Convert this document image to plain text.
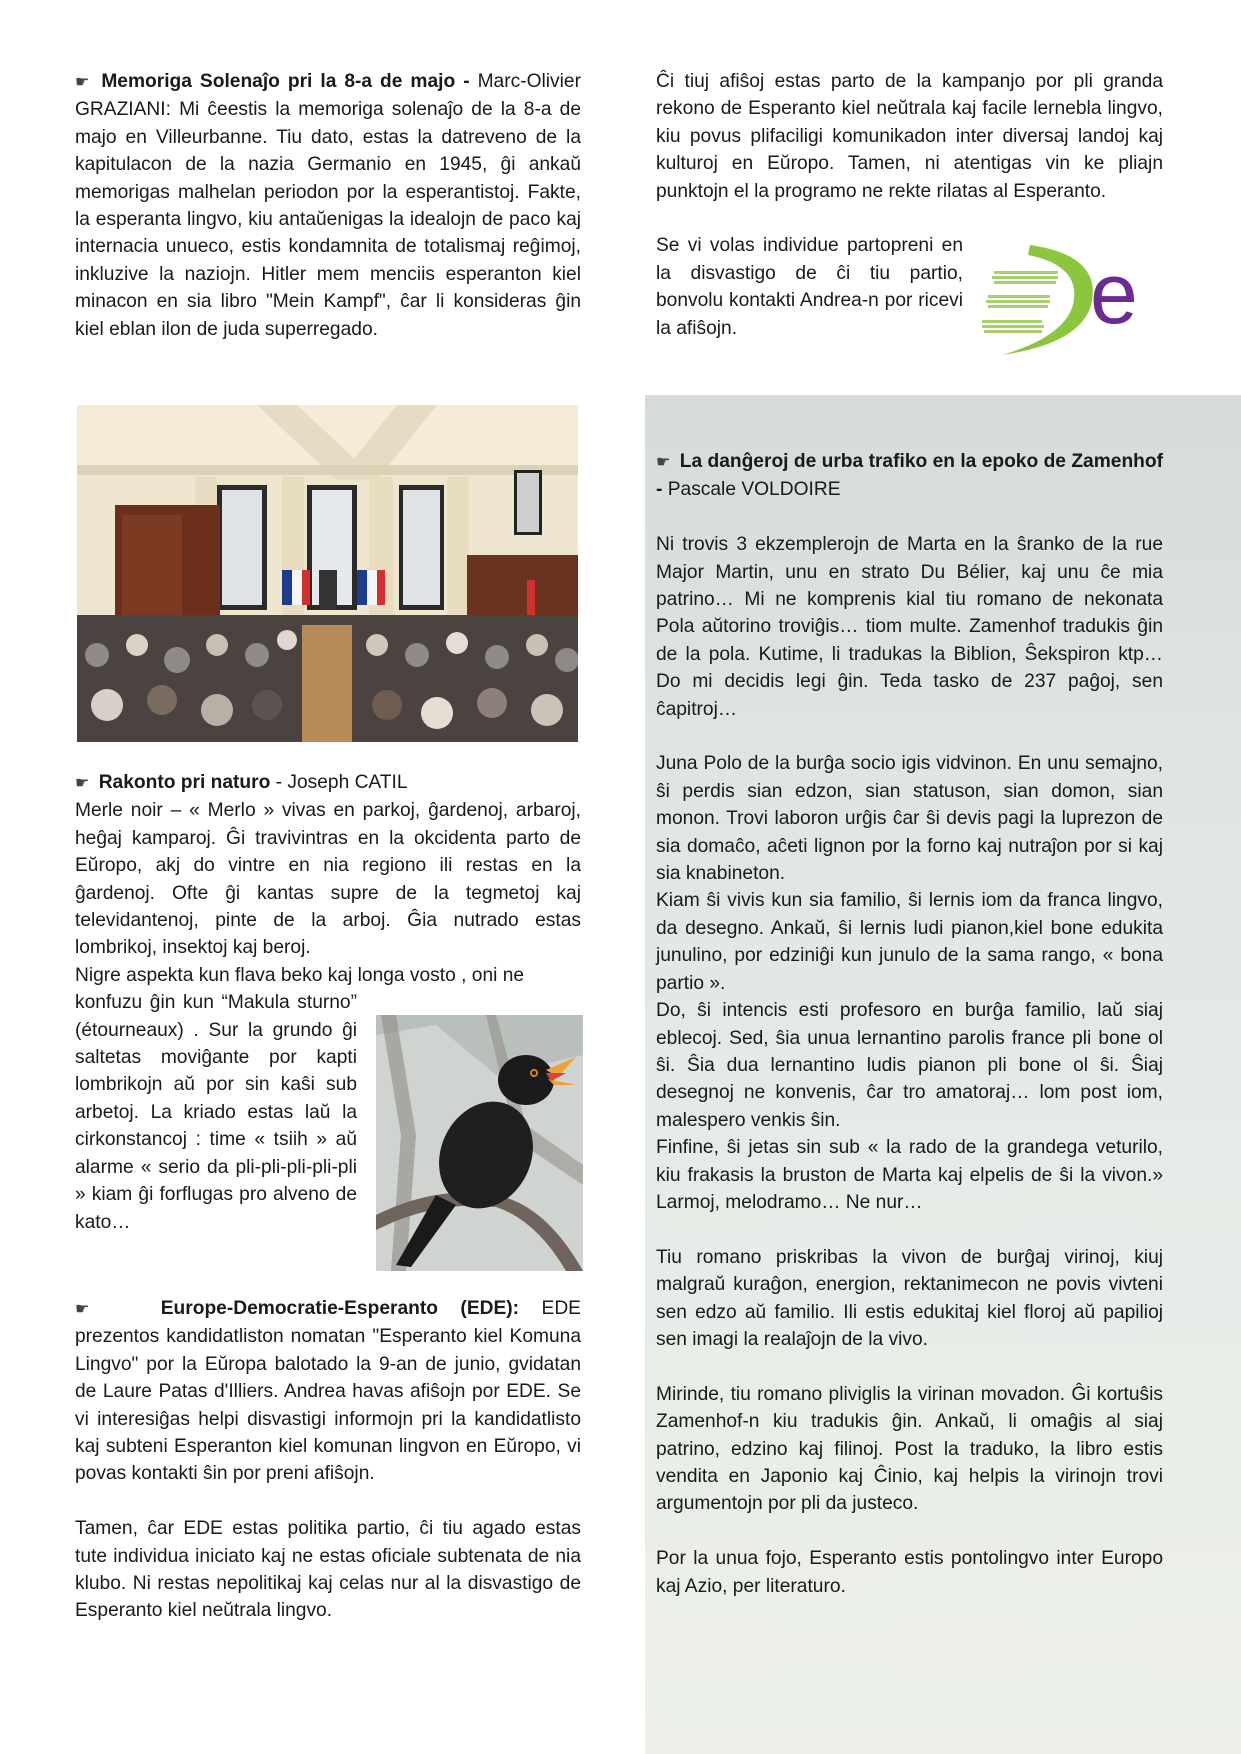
☛ Memoriga Solenaĵo pri la 8-a de majo - Marc-Olivier GRAZIANI: Mi ĉeestis la memoriga solenaĵo de la 8-a de majo en Villeurbanne. Tiu dato, estas la datreveno de la kapitulacon de la nazia Germanio en 1945, ĝi ankaŭ memorigas malhelan periodon por la esperantistoj. Fakte, la esperanta lingvo, kiu antaŭenigas la idealojn de paco kaj internacia unueco, estis kondamnita de totalismaj reĝimoj, inkluzive la naziojn. Hitler mem menciis esperanton kiel minacon en sia libro "Mein Kampf", ĉar li konsideras ĝin kiel eblan ilon de juda superregado.

☛ Rakonto pri naturo - Joseph CATIL

Merle noir – « Merlo » vivas en parkoj, ĝardenoj, arbaroj, heĝaj kamparoj. Ĝi travivintras en la okcidenta parto de Eŭropo, akj do vintre en nia regiono ili restas en la ĝardenoj. Ofte ĝi kantas supre de la tegmetoj kaj televidantenoj, pinte de la arboj. Ĝia nutrado estas lombrikoj, insektoj kaj beroj.

Nigre aspekta kun flava beko kaj longa vosto , oni ne

konfuzu ĝin kun “Makula sturno” (étourneaux) . Sur la grundo ĝi saltetas moviĝante por kapti lombrikojn aŭ por sin kaŝi sub arbetoj. La kriado estas laŭ la cirkonstancoj : time « tsiih » aŭ alarme « serio da pli-pli-pli-pli-pli » kiam ĝi forflugas pro alveno de kato…

☛	Europe-Democratie-Esperanto (EDE): EDE prezentos kandidatliston nomatan "Esperanto kiel Komuna Lingvo" por la Eŭropa balotado la 9-an de junio, gvidatan de Laure Patas d'Illiers. Andrea havas afiŝojn por EDE. Se vi interesiĝas helpi disvastigi informojn pri la kandidatlisto kaj subteni Esperanton kiel komunan lingvon en Eŭropo, vi povas kontakti ŝin por preni afiŝojn.

Tamen, ĉar EDE estas politika partio, ĉi tiu agado estas tute individua iniciato kaj ne estas oficiale subtenata de nia klubo. Ni restas nepolitikaj kaj celas nur al la disvastigo de Esperanto kiel neŭtrala lingvo.

Ĉi tiuj afiŝoj estas parto de la kampanjo por pli granda rekono de Esperanto kiel neŭtrala kaj facile lernebla lingvo, kiu povus plifaciligi komunikadon inter diversaj landoj kaj kulturoj en Eŭropo. Tamen, ni atentigas vin ke pliajn punktojn el la programo ne rekte rilatas al Esperanto.

Se vi volas individue partopreni en la disvastigo de ĉi tiu partio, bonvolu kontakti Andrea-n por ricevi la afiŝojn.	e

☛ La danĝeroj de urba trafiko en la epoko de Zamenhof - Pascale VOLDOIRE

Ni trovis 3 ekzemplerojn de Marta en la ŝranko de la rue Major Martin, unu en strato Du Bélier, kaj unu ĉe mia patrino… Mi ne komprenis kial tiu romano de nekonata Pola aŭtorino troviĝis… tiom multe. Zamenhof tradukis ĝin de la pola. Kutime, li tradukas la Biblion, Ŝekspiron ktp… Do mi decidis legi ĝin. Teda tasko de 237 paĝoj, sen ĉapitroj…

Juna Polo de la burĝa socio igis vidvinon. En unu semajno, ŝi perdis sian edzon, sian statuson, sian domon, sian monon. Trovi laboron urĝis ĉar ŝi devis pagi la luprezon de sia domaĉo, aĉeti lignon por la forno kaj nutraĵon por si kaj sia knabineton.

Kiam ŝi vivis kun sia familio, ŝi lernis iom da franca lingvo, da desegno. Ankaŭ, ŝi lernis ludi pianon,kiel bone edukita junulino, por edziniĝi kun junulo de la sama rango, « bona partio ».

Do, ŝi intencis esti profesoro en burĝa familio, laŭ siaj eblecoj. Sed, ŝia unua lernantino parolis france pli bone ol ŝi. Ŝia dua lernantino ludis pianon pli bone ol ŝi. Ŝiaj desegnoj ne konvenis, ĉar tro amatoraj… lom post iom, malespero venkis ŝin.

Finfine, ŝi jetas sin sub « la rado de la grandega veturilo, kiu frakasis la bruston de Marta kaj elpelis de ŝi la vivon.» Larmoj, melodramo… Ne nur…

Tiu romano priskribas la vivon de burĝaj virinoj, kiuj malgraŭ kuraĝon, energion, rektanimecon ne povis vivteni sen edzo aŭ familio. Ili estis edukitaj kiel floroj aŭ papilioj sen imagi la realaĵojn de la vivo.

Mirinde, tiu romano pliviglis la virinan movadon. Ĝi kortuŝis Zamenhof-n kiu tradukis ĝin. Ankaŭ, li omaĝis al siaj patrino, edzino kaj filinoj. Post la traduko, la libro estis vendita en Japonio kaj Ĉinio, kaj helpis la virinojn trovi argumentojn por pli da justeco.

Por la unua fojo, Esperanto estis pontolingvo inter Europo kaj Azio, per literaturo.
